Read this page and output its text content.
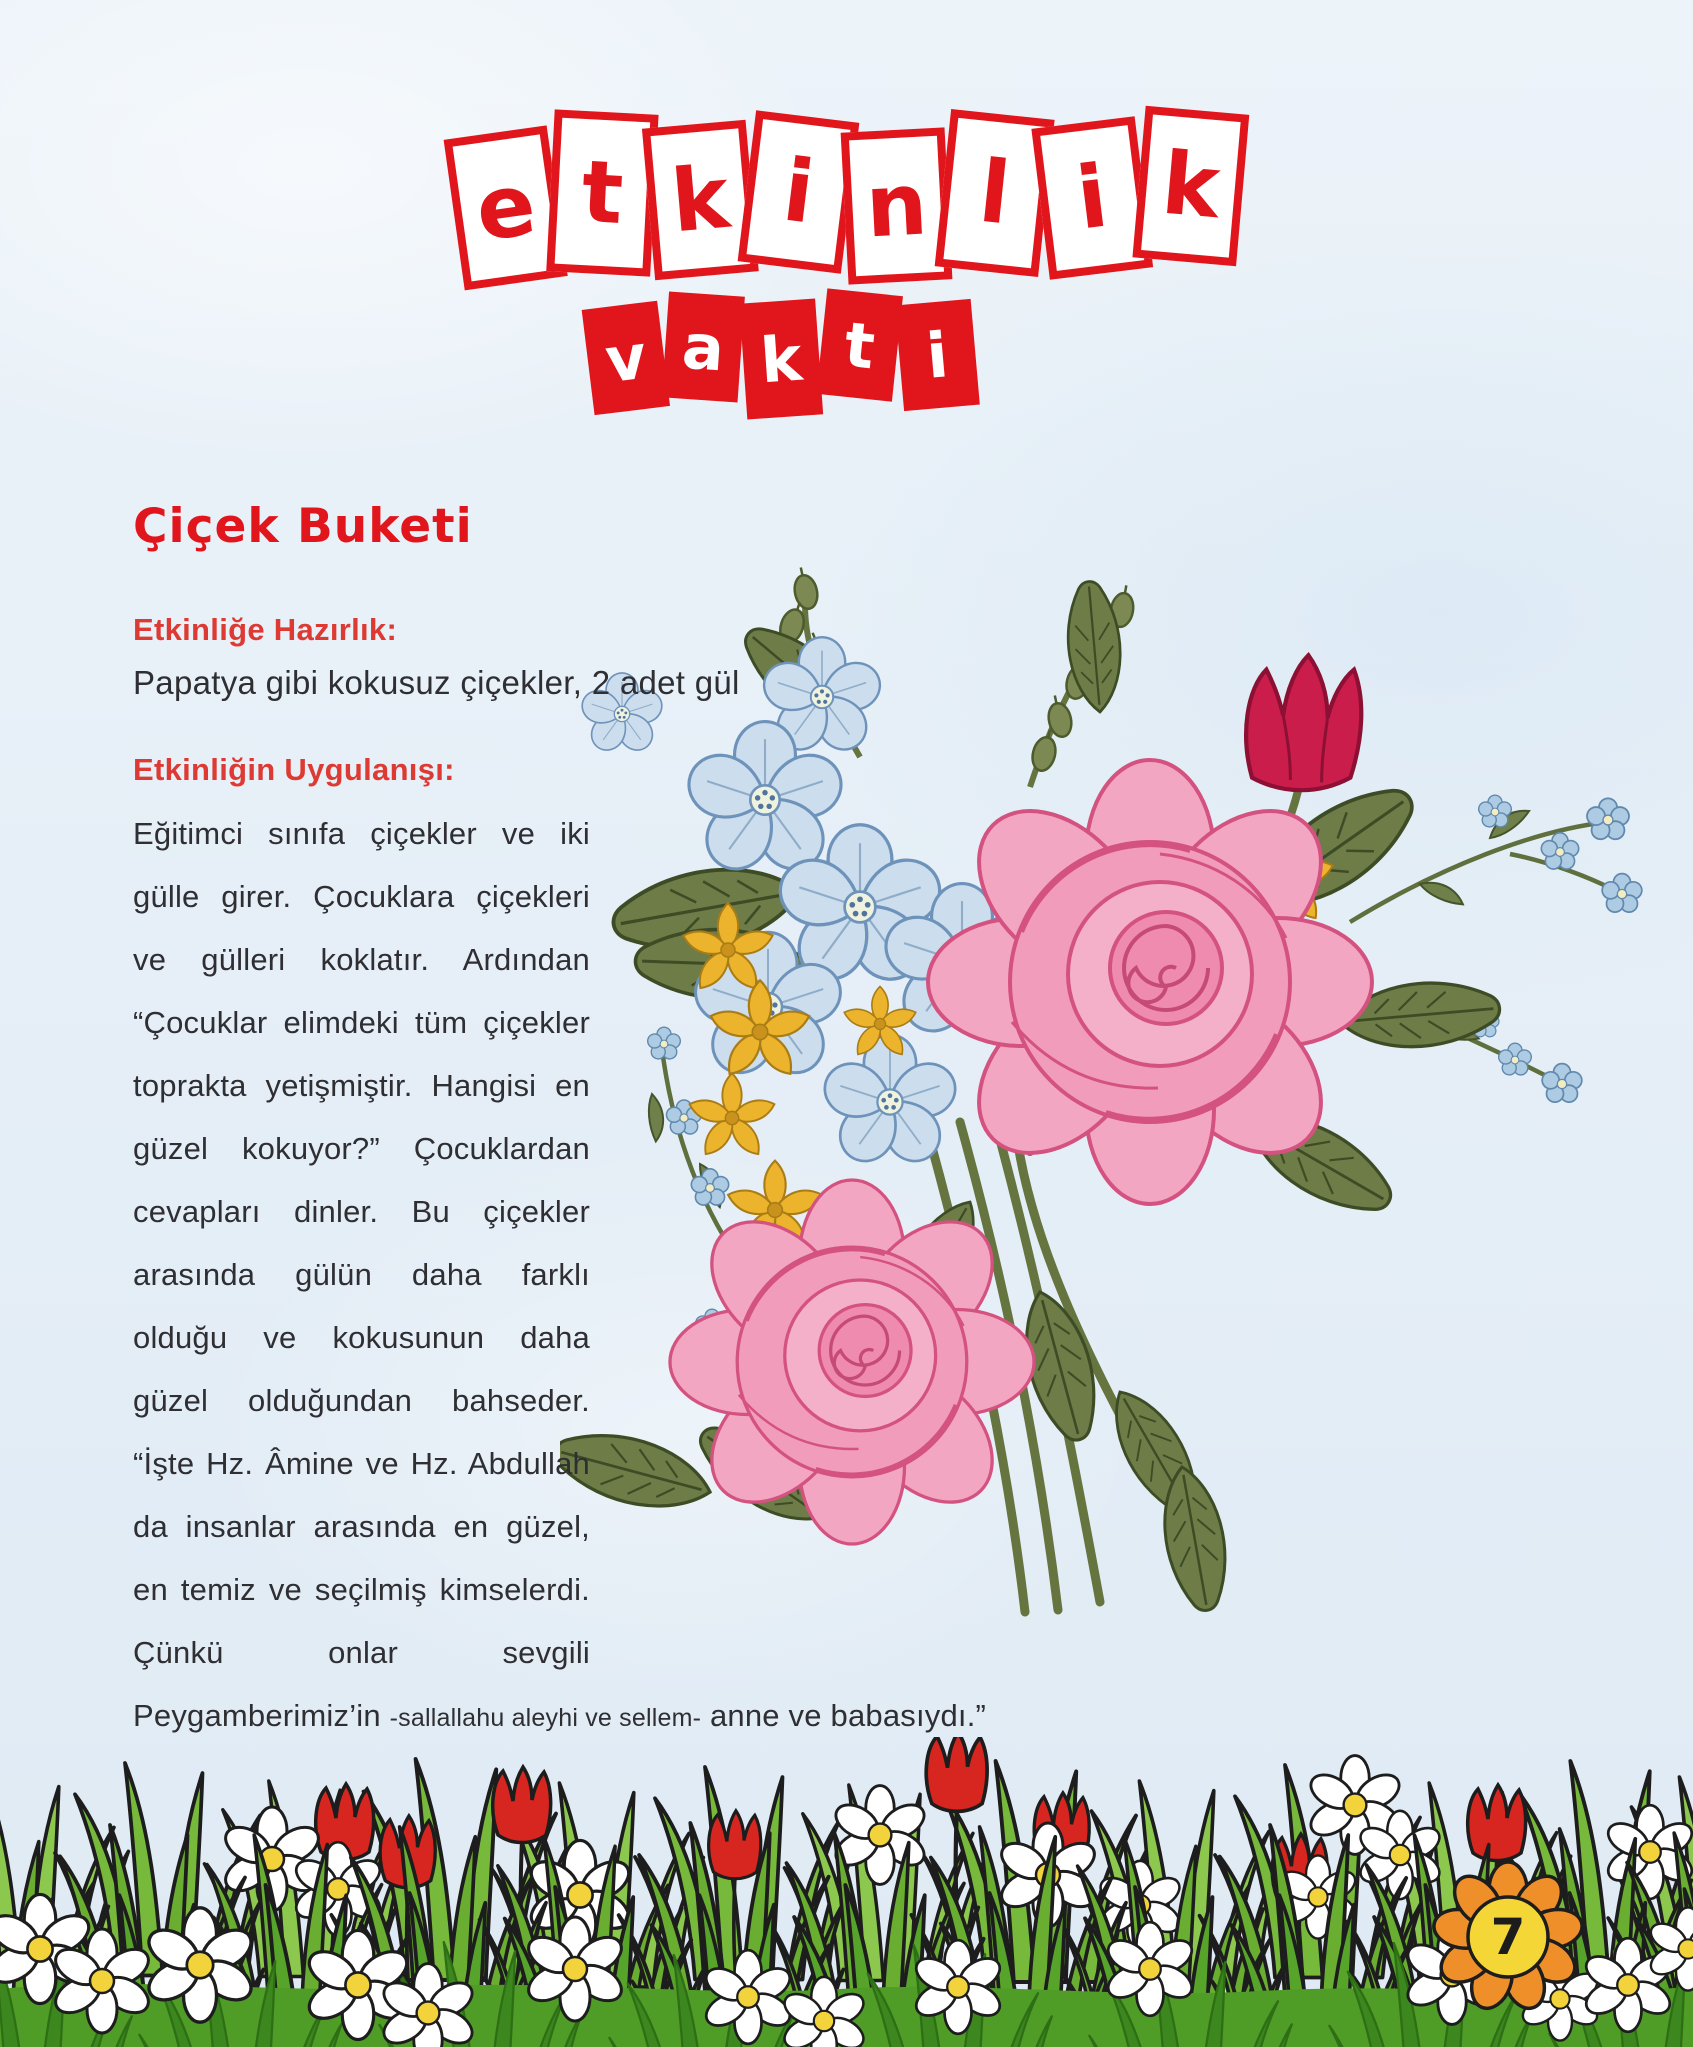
e t k i n l i k
v a k t i
Çiçek Buketi

Etkinliğe Hazırlık:

Papatya gibi kokusuz çiçekler, 2 adet gül

Etkinliğin Uygulanışı:

Eğitimci sınıfa çiçekler ve iki gülle girer. Çocuklara çiçekleri ve gülleri koklatır. Ardından “Çocuklar elimdeki tüm çiçekler toprakta yetişmiştir. Hangisi en güzel kokuyor?” Çocuklardan cevapları dinler. Bu çiçekler arasında gülün daha farklı olduğu ve kokusunun daha güzel olduğundan bahseder. “İşte Hz. Âmine ve Hz. Abdullah da insanlar arasında en güzel, en temiz ve seçilmiş kimselerdi. Çünkü onlar sevgili Peygamberimiz’in -sallallahu aleyhi ve sellem- anne ve babasıydı.”
7
